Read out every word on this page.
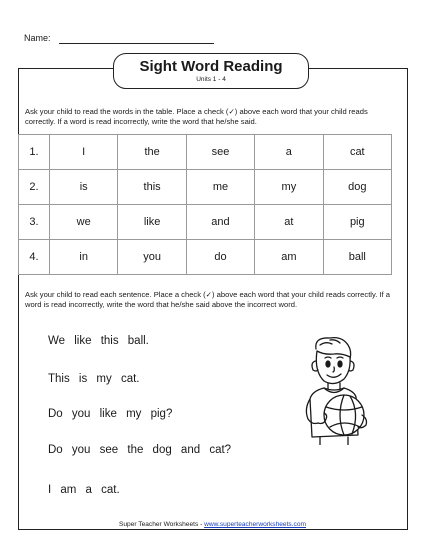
Name:
Sight Word Reading
Units 1 - 4
Ask your child to read the words in the table. Place a check (✓) above each word that your child reads correctly. If a word is read incorrectly, write the word that he/she said.
1.	I	the	see	a	cat
2.	is	this	me	my	dog
3.	we	like	and	at	pig
4.	in	you	do	am	ball
Ask your child to read each sentence. Place a check (✓) above each word that your child reads correctly. If a word is read incorrectly, write the word that he/she said above the incorrect word.
We like this ball.
This is my cat.
Do you like my pig?
Do you see the dog and cat?
I am a cat.
Super Teacher Worksheets - www.superteacherworksheets.com
